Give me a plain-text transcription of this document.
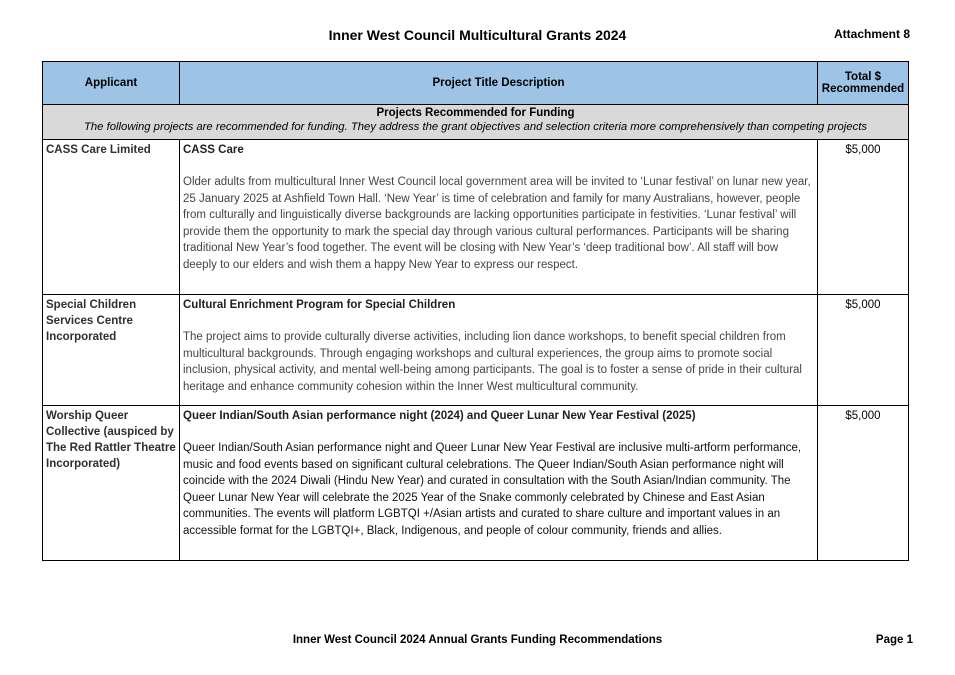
Inner West Council Multicultural Grants 2024	Attachment 8
Applicant	Project Title Description	Total $
Recommended

Projects Recommended for Funding
The following projects are recommended for funding. They address the grant objectives and selection criteria more comprehensively than competing projects		

CASS Care Limited	CASS Care
Older adults from multicultural Inner West Council local government area will be invited to ‘Lunar festival’ on lunar new year, 25 January 2025 at Ashfield Town Hall. ‘New Year’ is time of celebration and family for many Australians, however, people from culturally and linguistically diverse backgrounds are lacking opportunities participate in festivities. ‘Lunar festival’ will provide them the opportunity to mark the special day through various cultural performances. Participants will be sharing traditional New Year’s food together. The event will be closing with New Year’s ‘deep traditional bow’. All staff will bow deeply to our elders and wish them a happy New Year to express our respect.	$5,000
Special Children Services Centre Incorporated	Cultural Enrichment Program for Special Children
The project aims to provide culturally diverse activities, including lion dance workshops, to benefit special children from multicultural backgrounds. Through engaging workshops and cultural experiences, the group aims to promote social inclusion, physical activity, and mental well-being among participants. The goal is to foster a sense of pride in their cultural heritage and enhance community cohesion within the Inner West multicultural community.	$5,000
Worship Queer Collective (auspiced by The Red Rattler Theatre Incorporated)	Queer Indian/South Asian performance night (2024) and Queer Lunar New Year Festival (2025)
Queer Indian/South Asian performance night and Queer Lunar New Year Festival are inclusive multi-artform performance, music and food events based on significant cultural celebrations. The Queer Indian/South Asian performance night will coincide with the 2024 Diwali (Hindu New Year) and curated in consultation with the South Asian/Indian community. The Queer Lunar New Year will celebrate the 2025 Year of the Snake commonly celebrated by Chinese and East Asian communities. The events will platform LGBTQI +/Asian artists and curated to share culture and important values in an accessible format for the LGBTQI+, Black, Indigenous, and people of colour community, friends and allies.	$5,000
Inner West Council 2024 Annual Grants Funding Recommendations	Page 1
